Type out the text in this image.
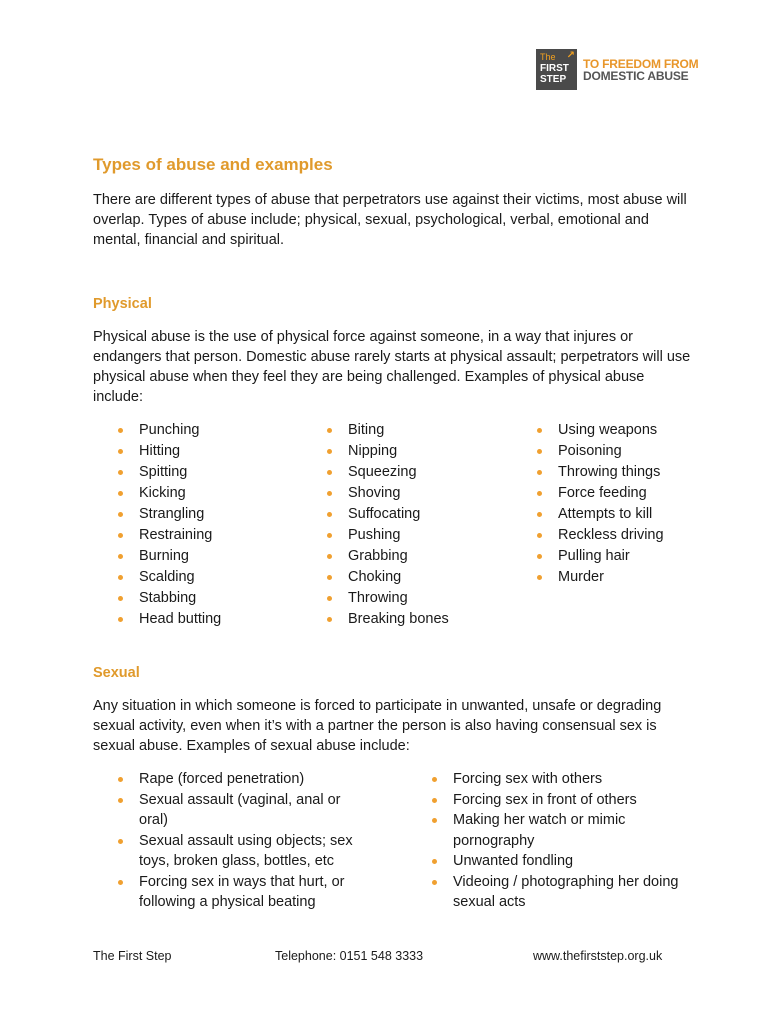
The
FIRST
STEP
↗
TO FREEDOM FROM
DOMESTIC ABUSE
Types of abuse and examples

There are different types of abuse that perpetrators use against their victims, most abuse will overlap. Types of abuse include; physical, sexual, psychological, verbal, emotional and mental, financial and spiritual.

Physical

Physical abuse is the use of physical force against someone, in a way that injures or endangers that person. Domestic abuse rarely starts at physical assault; perpetrators will use physical abuse when they feel they are being challenged. Examples of physical abuse include:

Punching
Hitting
Spitting
Kicking
Strangling
Restraining
Burning
Scalding
Stabbing
Head butting
Biting
Nipping
Squeezing
Shoving
Suffocating
Pushing
Grabbing
Choking
Throwing
Breaking bones
Using weapons
Poisoning
Throwing things
Force feeding
Attempts to kill
Reckless driving
Pulling hair
Murder
Sexual

Any situation in which someone is forced to participate in unwanted, unsafe or degrading sexual activity, even when it’s with a partner the person is also having consensual sex is sexual abuse. Examples of sexual abuse include:

Rape (forced penetration)
Sexual assault (vaginal, anal or oral)
Sexual assault using objects; sex toys, broken glass, bottles, etc
Forcing sex in ways that hurt, or following a physical beating
Forcing sex with others
Forcing sex in front of others
Making her watch or mimic pornography
Unwanted fondling
Videoing / photographing her doing sexual acts
The First Step	Telephone: 0151 548 3333	www.thefirststep.org.uk
